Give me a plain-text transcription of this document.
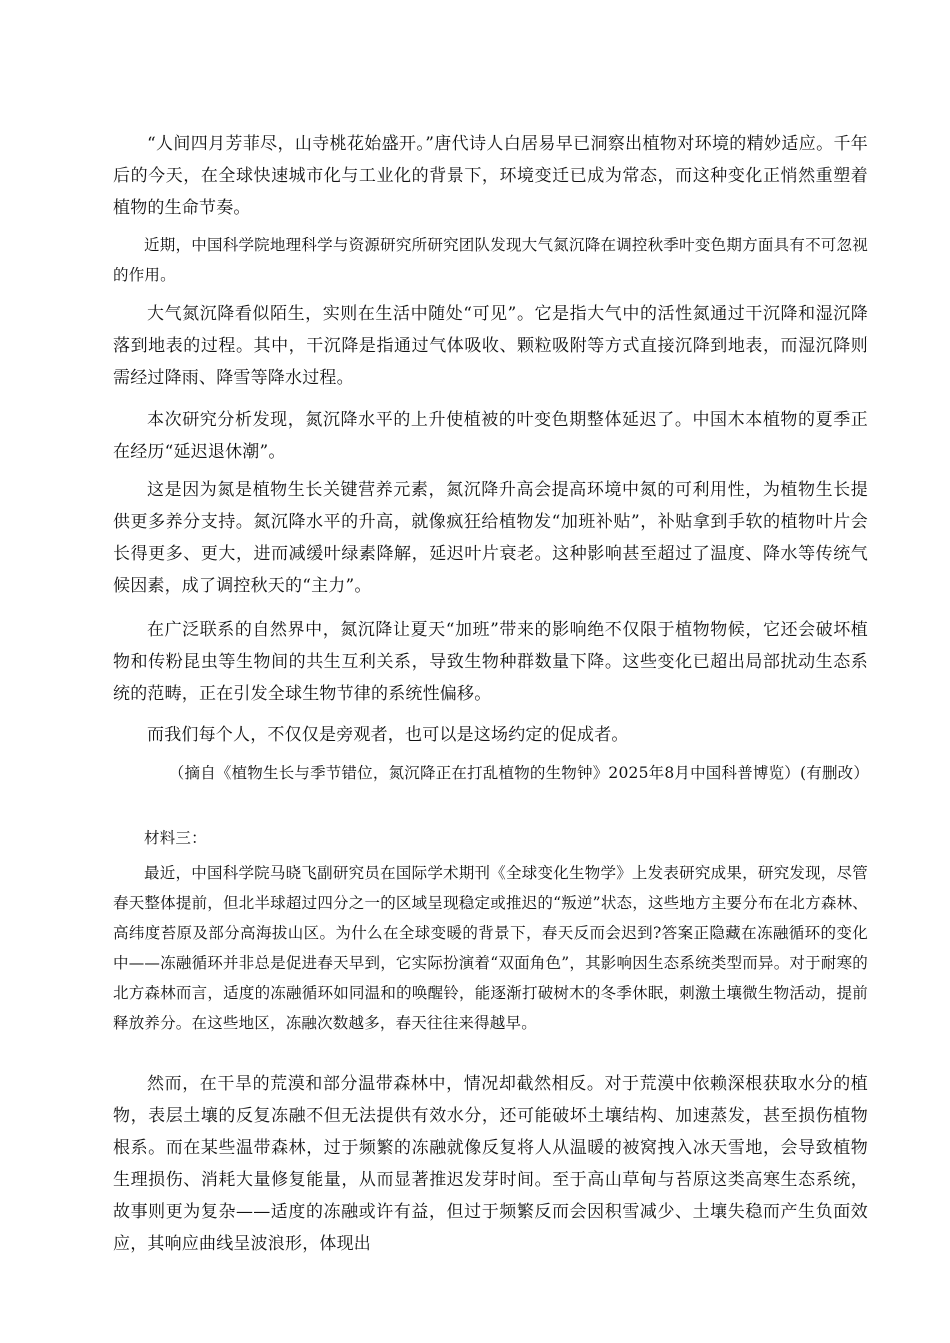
“人间四月芳菲尽，山寺桃花始盛开。”唐代诗人白居易早已洞察出植物对环境的精妙适应。千年后的今天，在全球快速城市化与工业化的背景下，环境变迁已成为常态，而这种变化正悄然重塑着植物的生命节奏。

近期，中国科学院地理科学与资源研究所研究团队发现大气氮沉降在调控秋季叶变色期方面具有不可忽视的作用。

大气氮沉降看似陌生，实则在生活中随处“可见”。它是指大气中的活性氮通过干沉降和湿沉降落到地表的过程。其中，干沉降是指通过气体吸收、颗粒吸附等方式直接沉降到地表，而湿沉降则需经过降雨、降雪等降水过程。

本次研究分析发现，氮沉降水平的上升使植被的叶变色期整体延迟了。中国木本植物的夏季正在经历“延迟退休潮”。

这是因为氮是植物生长关键营养元素，氮沉降升高会提高环境中氮的可利用性，为植物生长提供更多养分支持。氮沉降水平的升高，就像疯狂给植物发“加班补贴”，补贴拿到手软的植物叶片会长得更多、更大，进而减缓叶绿素降解，延迟叶片衰老。这种影响甚至超过了温度、降水等传统气候因素，成了调控秋天的“主力”。

在广泛联系的自然界中，氮沉降让夏天“加班”带来的影响绝不仅限于植物物候，它还会破坏植物和传粉昆虫等生物间的共生互利关系，导致生物种群数量下降。这些变化已超出局部扰动生态系统的范畴，正在引发全球生物节律的系统性偏移。

而我们每个人，不仅仅是旁观者，也可以是这场约定的促成者。

（摘自《植物生长与季节错位，氮沉降正在打乱植物的生物钟》2025年8月中国科普博览）(有删改）

材料三：

最近，中国科学院马晓飞副研究员在国际学术期刊《全球变化生物学》上发表研究成果，研究发现，尽管春天整体提前，但北半球超过四分之一的区域呈现稳定或推迟的“叛逆”状态，这些地方主要分布在北方森林、高纬度苔原及部分高海拔山区。为什么在全球变暖的背景下，春天反而会迟到?答案正隐藏在冻融循环的变化中——冻融循环并非总是促进春天早到，它实际扮演着“双面角色”，其影响因生态系统类型而异。对于耐寒的北方森林而言，适度的冻融循环如同温和的唤醒铃，能逐渐打破树木的冬季休眠，刺激土壤微生物活动，提前释放养分。在这些地区，冻融次数越多，春天往往来得越早。

然而，在干旱的荒漠和部分温带森林中，情况却截然相反。对于荒漠中依赖深根获取水分的植物，表层土壤的反复冻融不但无法提供有效水分，还可能破坏土壤结构、加速蒸发，甚至损伤植物根系。而在某些温带森林，过于频繁的冻融就像反复将人从温暖的被窝拽入冰天雪地，会导致植物生理损伤、消耗大量修复能量，从而显著推迟发芽时间。至于高山草甸与苔原这类高寒生态系统，故事则更为复杂——适度的冻融或许有益，但过于频繁反而会因积雪减少、土壤失稳而产生负面效应，其响应曲线呈波浪形，体现出
